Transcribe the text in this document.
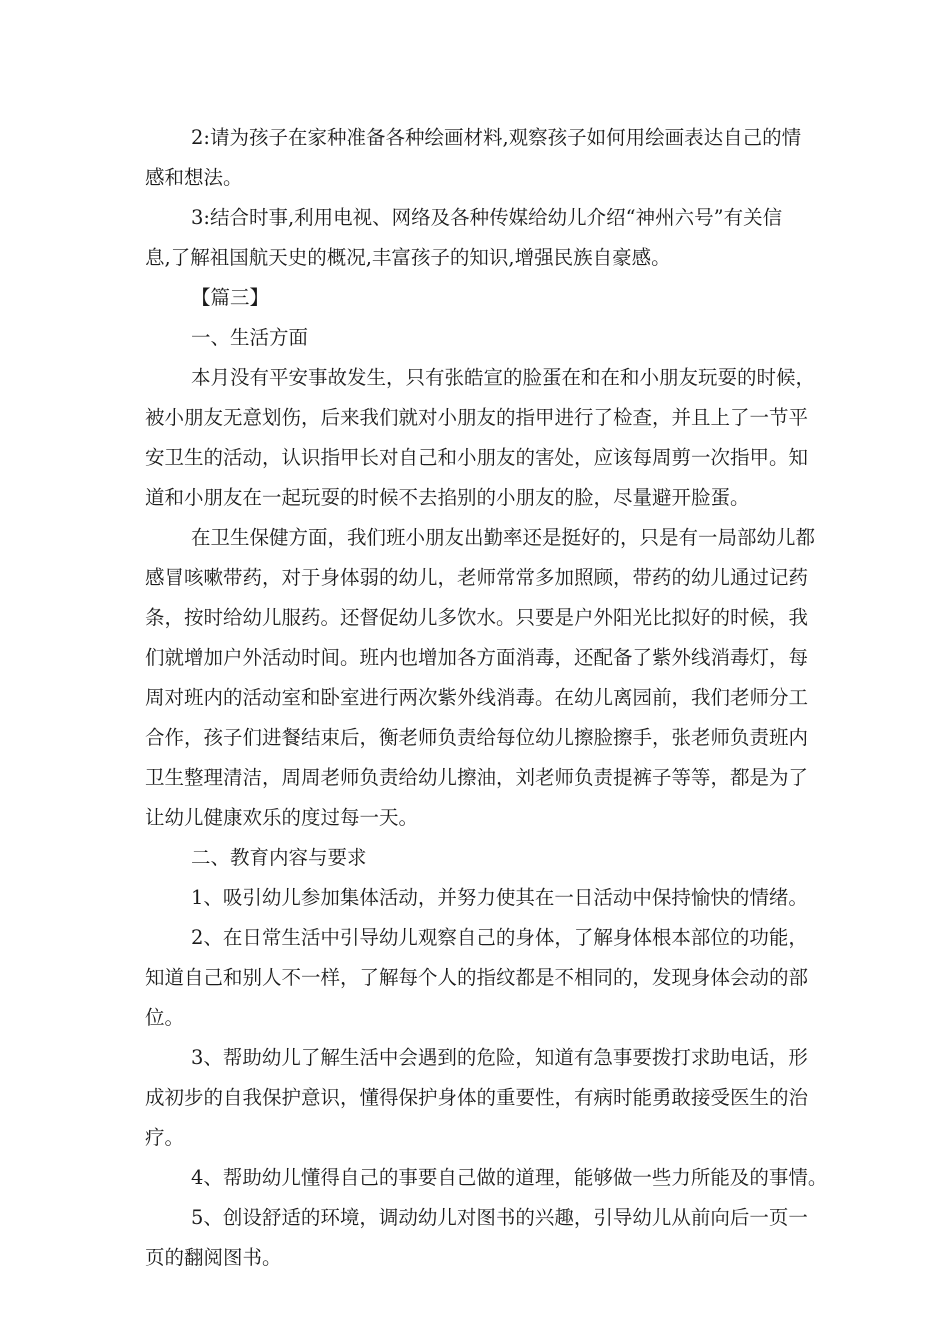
2:请为孩子在家种准备各种绘画材料,观察孩子如何用绘画表达自己的情
感和想法。
3:结合时事,利用电视、网络及各种传媒给幼儿介绍“神州六号”有关信
息,了解祖国航天史的概况,丰富孩子的知识,增强民族自豪感。
【篇三】
一、生活方面
本月没有平安事故发生，只有张皓宣的脸蛋在和在和小朋友玩耍的时候，
被小朋友无意划伤，后来我们就对小朋友的指甲进行了检查，并且上了一节平
安卫生的活动，认识指甲长对自己和小朋友的害处，应该每周剪一次指甲。知
道和小朋友在一起玩耍的时候不去掐别的小朋友的脸，尽量避开脸蛋。
在卫生保健方面，我们班小朋友出勤率还是挺好的，只是有一局部幼儿都
感冒咳嗽带药，对于身体弱的幼儿，老师常常多加照顾，带药的幼儿通过记药
条，按时给幼儿服药。还督促幼儿多饮水。只要是户外阳光比拟好的时候，我
们就增加户外活动时间。班内也增加各方面消毒，还配备了紫外线消毒灯，每
周对班内的活动室和卧室进行两次紫外线消毒。在幼儿离园前，我们老师分工
合作，孩子们进餐结束后，衡老师负责给每位幼儿擦脸擦手，张老师负责班内
卫生整理清洁，周周老师负责给幼儿擦油，刘老师负责提裤子等等，都是为了
让幼儿健康欢乐的度过每一天。
二、教育内容与要求
1、吸引幼儿参加集体活动，并努力使其在一日活动中保持愉快的情绪。
2、在日常生活中引导幼儿观察自己的身体，了解身体根本部位的功能，
知道自己和别人不一样，了解每个人的指纹都是不相同的，发现身体会动的部
位。
3、帮助幼儿了解生活中会遇到的危险，知道有急事要拨打求助电话，形
成初步的自我保护意识，懂得保护身体的重要性，有病时能勇敢接受医生的治
疗。
4、帮助幼儿懂得自己的事要自己做的道理，能够做一些力所能及的事情。
5、创设舒适的环境，调动幼儿对图书的兴趣，引导幼儿从前向后一页一
页的翻阅图书。
